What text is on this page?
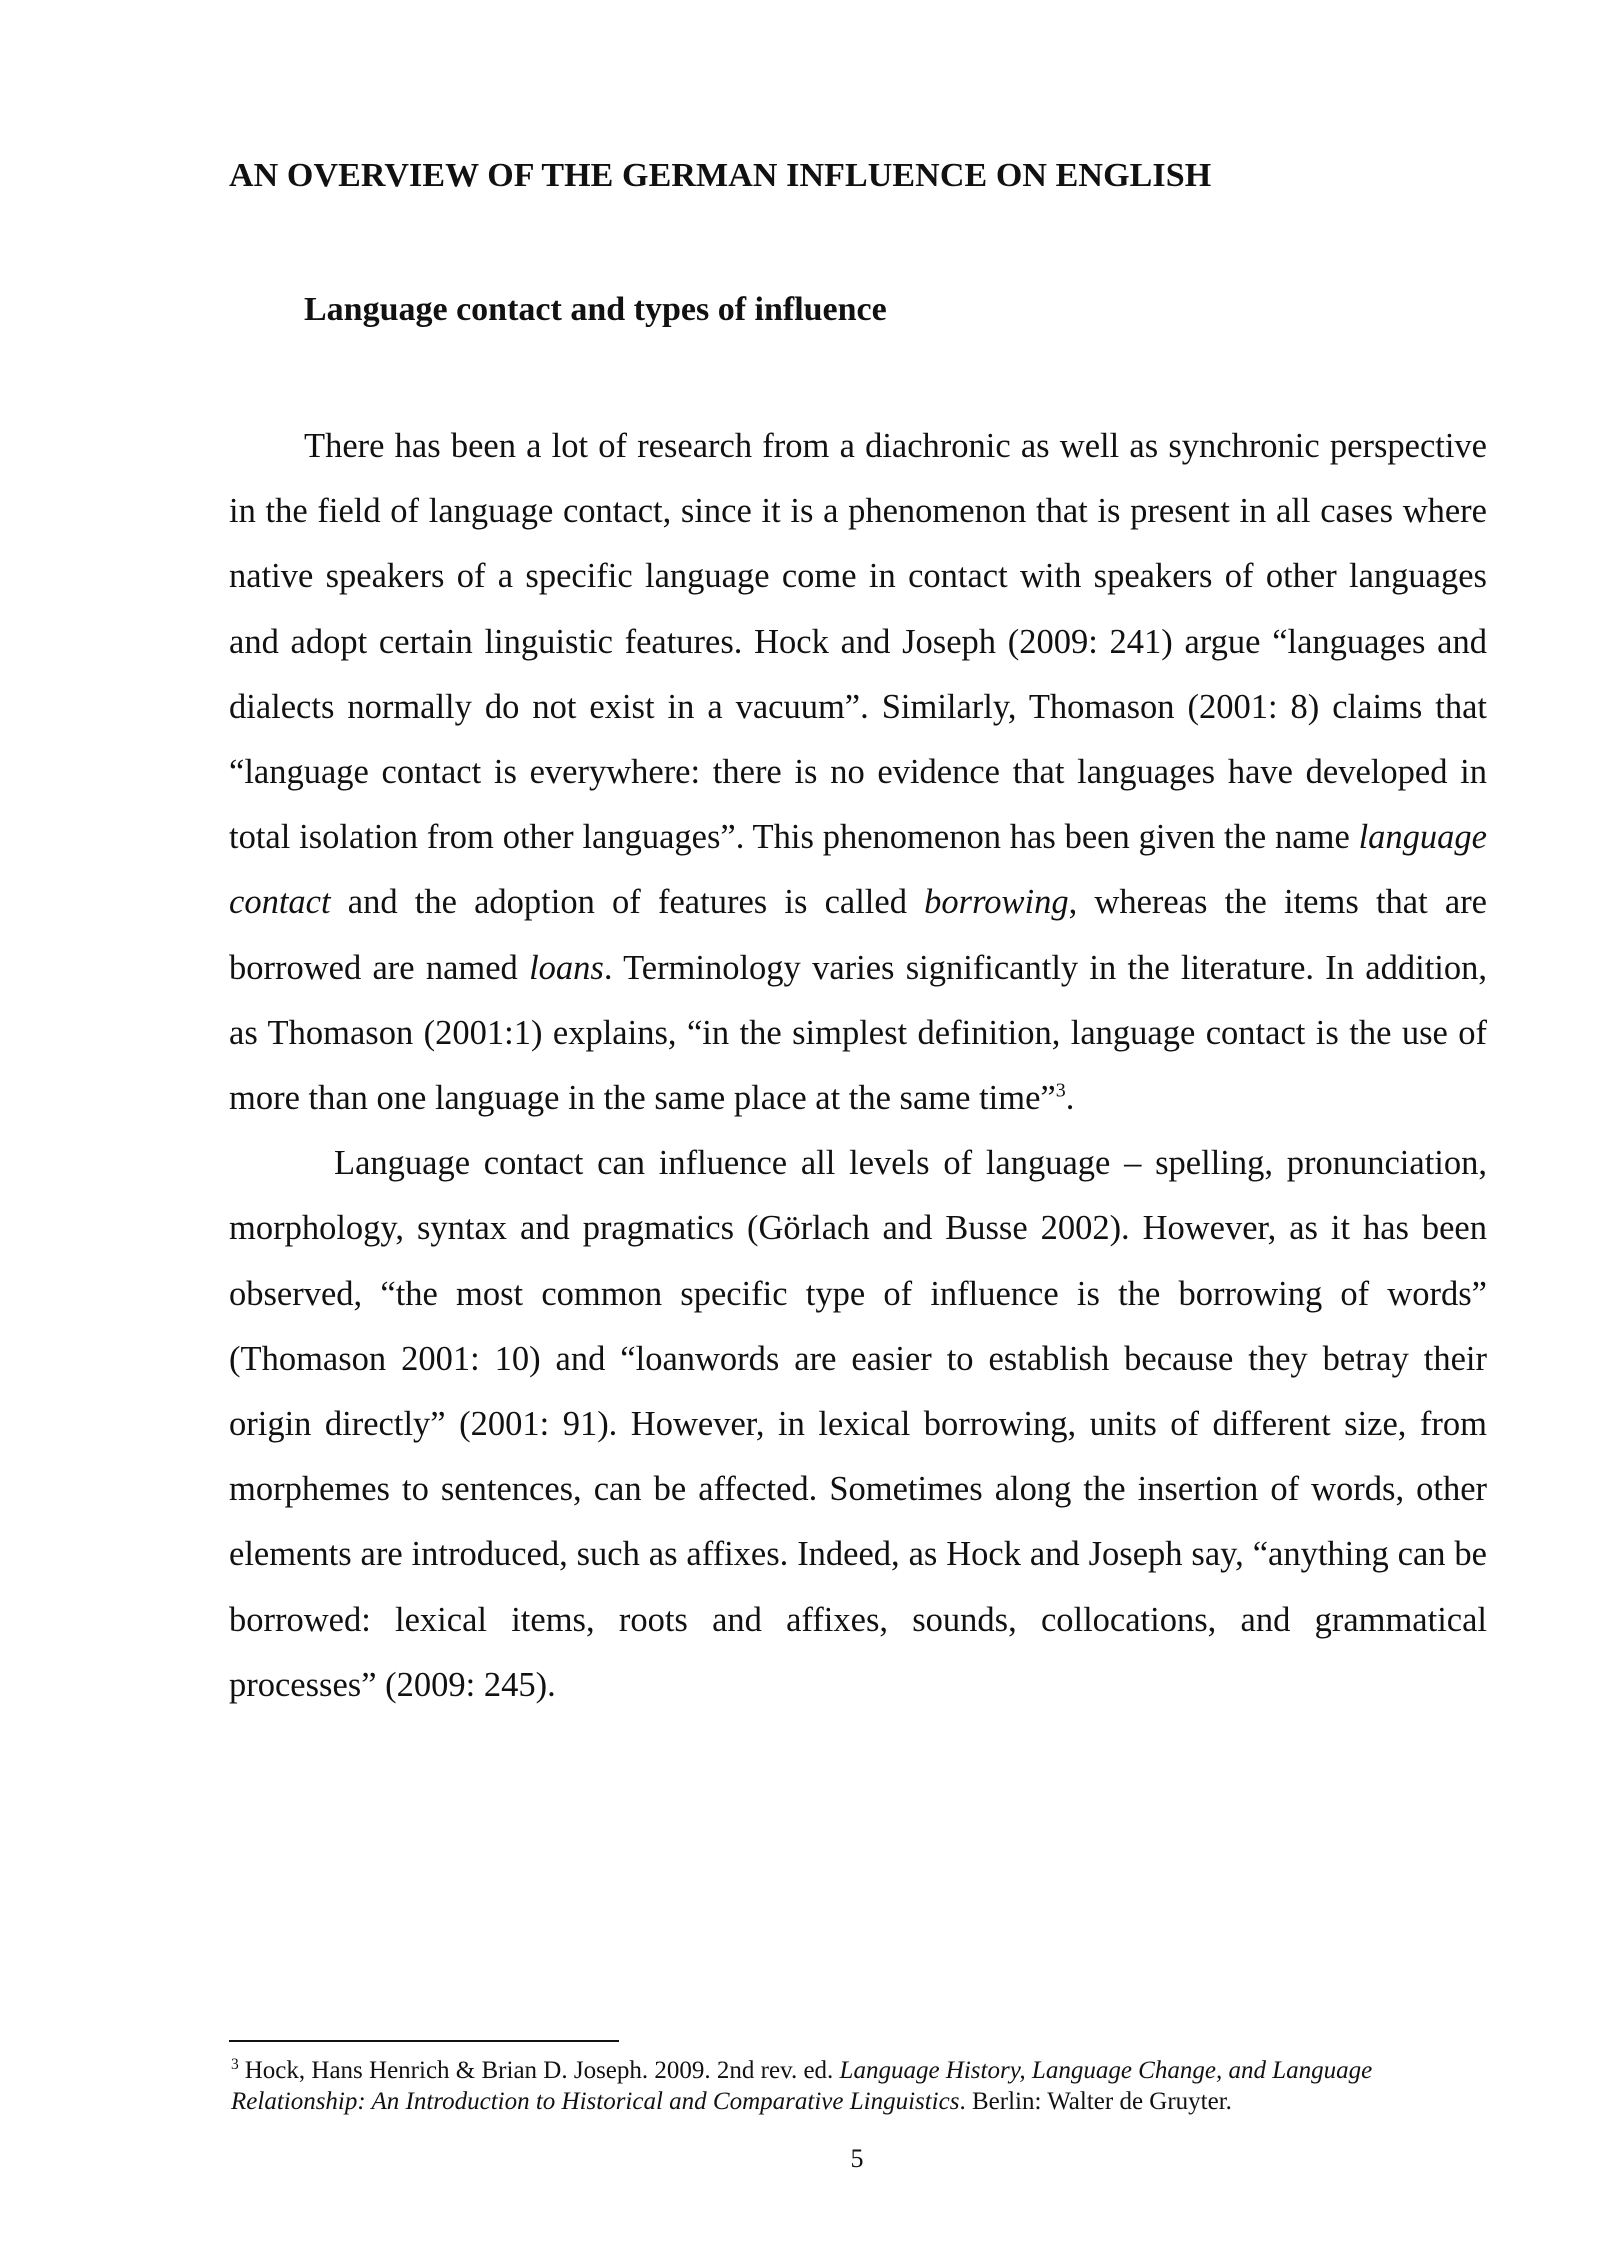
AN OVERVIEW OF THE GERMAN INFLUENCE ON ENGLISH
Language contact and types of influence

There has been a lot of research from a diachronic as well as synchronic perspective in the field of language contact, since it is a phenomenon that is present in all cases where native speakers of a specific language come in contact with speakers of other languages and adopt certain linguistic features. Hock and Joseph (2009: 241) argue “languages and dialects normally do not exist in a vacuum”. Similarly, Thomason (2001: 8) claims that “language contact is everywhere: there is no evidence that languages have developed in total isolation from other languages”. This phenomenon has been given the name language contact and the adoption of features is called borrowing, whereas the items that are borrowed are named loans. Terminology varies significantly in the literature. In addition, as Thomason (2001:1) explains, “in the simplest definition, language contact is the use of more than one language in the same place at the same time”$^3$.

Language contact can influence all levels of language – spelling, pronunciation, morphology, syntax and pragmatics (Görlach and Busse 2002). However, as it has been observed, “the most common specific type of influence is the borrowing of words” (Thomason 2001: 10) and “loanwords are easier to establish because they betray their origin directly” (2001: 91). However, in lexical borrowing, units of different size, from morphemes to sentences, can be affected. Sometimes along the insertion of words, other elements are introduced, such as affixes. Indeed, as Hock and Joseph say, “anything can be borrowed: lexical items, roots and affixes, sounds, collocations, and grammatical processes” (2009: 245).

$^3$ Hock, Hans Henrich & Brian D. Joseph. 2009. 2nd rev. ed. Language History, Language Change, and Language Relationship: An Introduction to Historical and Comparative Linguistics. Berlin: Walter de Gruyter.

5
